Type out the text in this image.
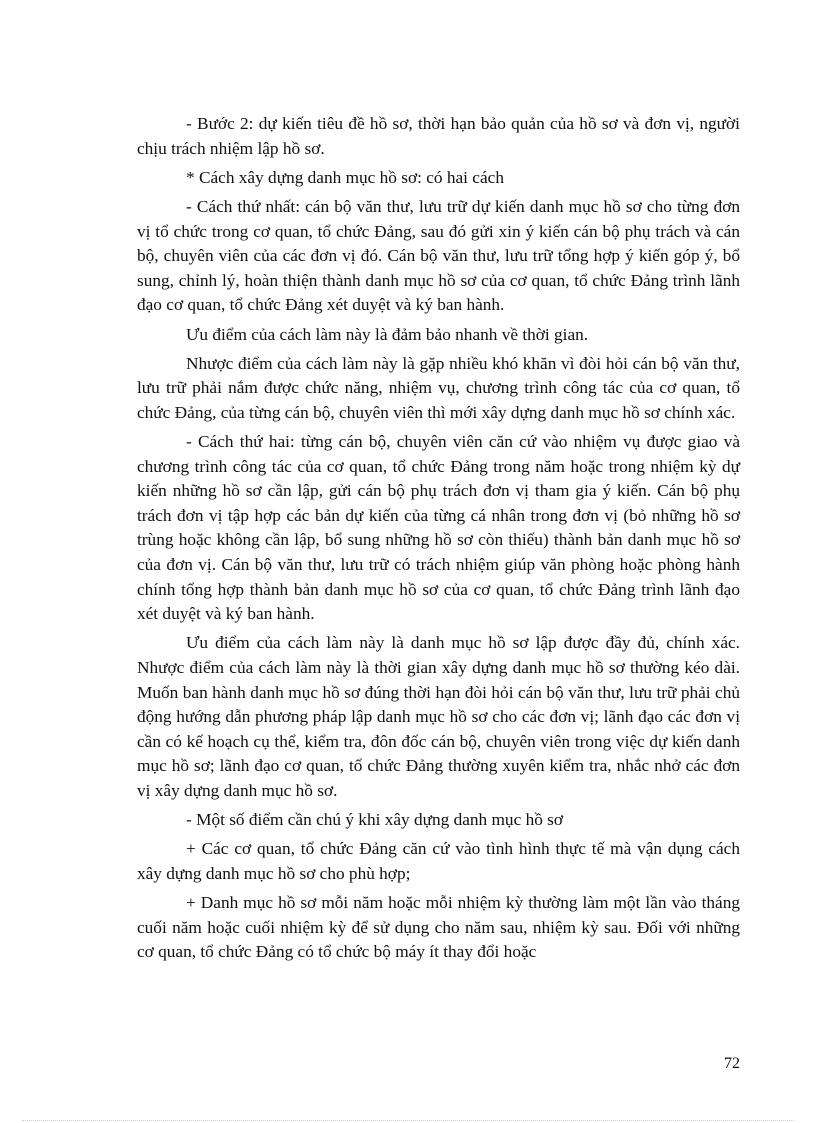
- Bước 2: dự kiến tiêu đề hồ sơ, thời hạn bảo quản của hồ sơ và đơn vị, người chịu trách nhiệm lập hồ sơ.

* Cách xây dựng danh mục hồ sơ: có hai cách

- Cách thứ nhất: cán bộ văn thư, lưu trữ dự kiến danh mục hồ sơ cho từng đơn vị tổ chức trong cơ quan, tổ chức Đảng, sau đó gửi xin ý kiến cán bộ phụ trách và cán bộ, chuyên viên của các đơn vị đó. Cán bộ văn thư, lưu trữ tổng hợp ý kiến góp ý, bổ sung, chỉnh lý, hoàn thiện thành danh mục hồ sơ của cơ quan, tổ chức Đảng trình lãnh đạo cơ quan, tổ chức Đảng xét duyệt và ký ban hành.

Ưu điểm của cách làm này là đảm bảo nhanh về thời gian.

Nhược điểm của cách làm này là gặp nhiều khó khăn vì đòi hỏi cán bộ văn thư, lưu trữ phải nắm được chức năng, nhiệm vụ, chương trình công tác của cơ quan, tổ chức Đảng, của từng cán bộ, chuyên viên thì mới xây dựng danh mục hồ sơ chính xác.

- Cách thứ hai: từng cán bộ, chuyên viên căn cứ vào nhiệm vụ được giao và chương trình công tác của cơ quan, tổ chức Đảng trong năm hoặc trong nhiệm kỳ dự kiến những hồ sơ cần lập, gửi cán bộ phụ trách đơn vị tham gia ý kiến. Cán bộ phụ trách đơn vị tập hợp các bản dự kiến của từng cá nhân trong đơn vị (bỏ những hồ sơ trùng hoặc không cần lập, bổ sung những hồ sơ còn thiếu) thành bản danh mục hồ sơ của đơn vị. Cán bộ văn thư, lưu trữ có trách nhiệm giúp văn phòng hoặc phòng hành chính tổng hợp thành bản danh mục hồ sơ của cơ quan, tổ chức Đảng trình lãnh đạo xét duyệt và ký ban hành.

Ưu điểm của cách làm này là danh mục hồ sơ lập được đầy đủ, chính xác. Nhược điểm của cách làm này là thời gian xây dựng danh mục hồ sơ thường kéo dài. Muốn ban hành danh mục hồ sơ đúng thời hạn đòi hỏi cán bộ văn thư, lưu trữ phải chủ động hướng dẫn phương pháp lập danh mục hồ sơ cho các đơn vị; lãnh đạo các đơn vị cần có kế hoạch cụ thể, kiểm tra, đôn đốc cán bộ, chuyên viên trong việc dự kiến danh mục hồ sơ; lãnh đạo cơ quan, tổ chức Đảng thường xuyên kiểm tra, nhắc nhở các đơn vị xây dựng danh mục hồ sơ.

- Một số điểm cần chú ý khi xây dựng danh mục hồ sơ

+ Các cơ quan, tổ chức Đảng căn cứ vào tình hình thực tế mà vận dụng cách xây dựng danh mục hồ sơ cho phù hợp;

+ Danh mục hồ sơ mỗi năm hoặc mỗi nhiệm kỳ thường làm một lần vào tháng cuối năm hoặc cuối nhiệm kỳ để sử dụng cho năm sau, nhiệm kỳ sau. Đối với những cơ quan, tổ chức Đảng có tổ chức bộ máy ít thay đổi hoặc

72
